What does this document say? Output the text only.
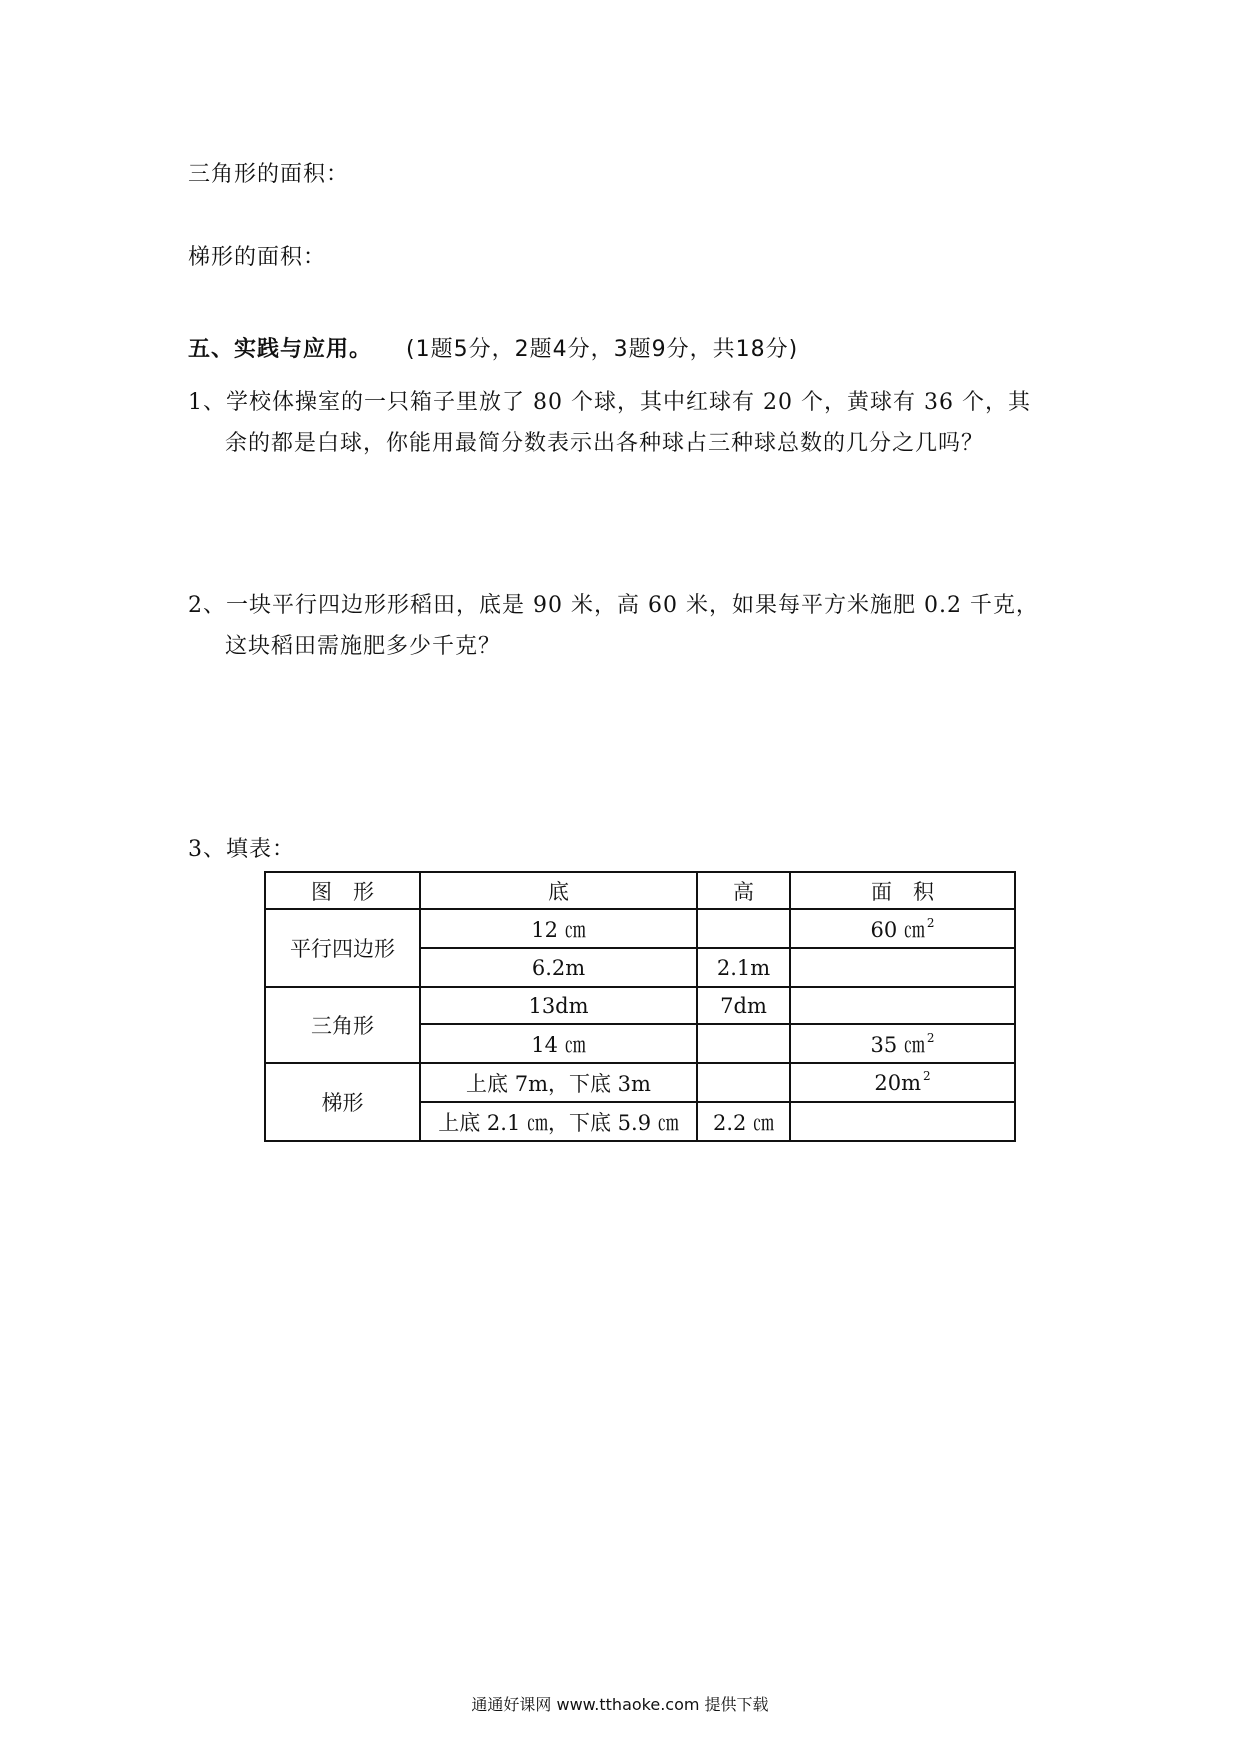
三角形的面积：
梯形的面积：
五、实践与应用。 (1题5分，2题4分，3题9分，共18分)
1、学校体操室的一只箱子里放了 80 个球，其中红球有 20 个，黄球有 36 个，其
余的都是白球，你能用最简分数表示出各种球占三种球总数的几分之几吗？
2、一块平行四边形形稻田，底是 90 米，高 60 米，如果每平方米施肥 0.2 千克，
这块稻田需施肥多少千克？
3、填表：
图　形	底	高	面　积
平行四边形	12 ㎝		60 ㎝ $^2$
	6.2m	2.1m	
三角形	13dm	7dm	
	14 ㎝		35 ㎝ $^2$
梯形	上底 7m，下底 3m		20m $^2$
	上底 2.1 ㎝，下底 5.9 ㎝	2.2 ㎝	
通通好课网 www.tthaoke.com 提供下载
